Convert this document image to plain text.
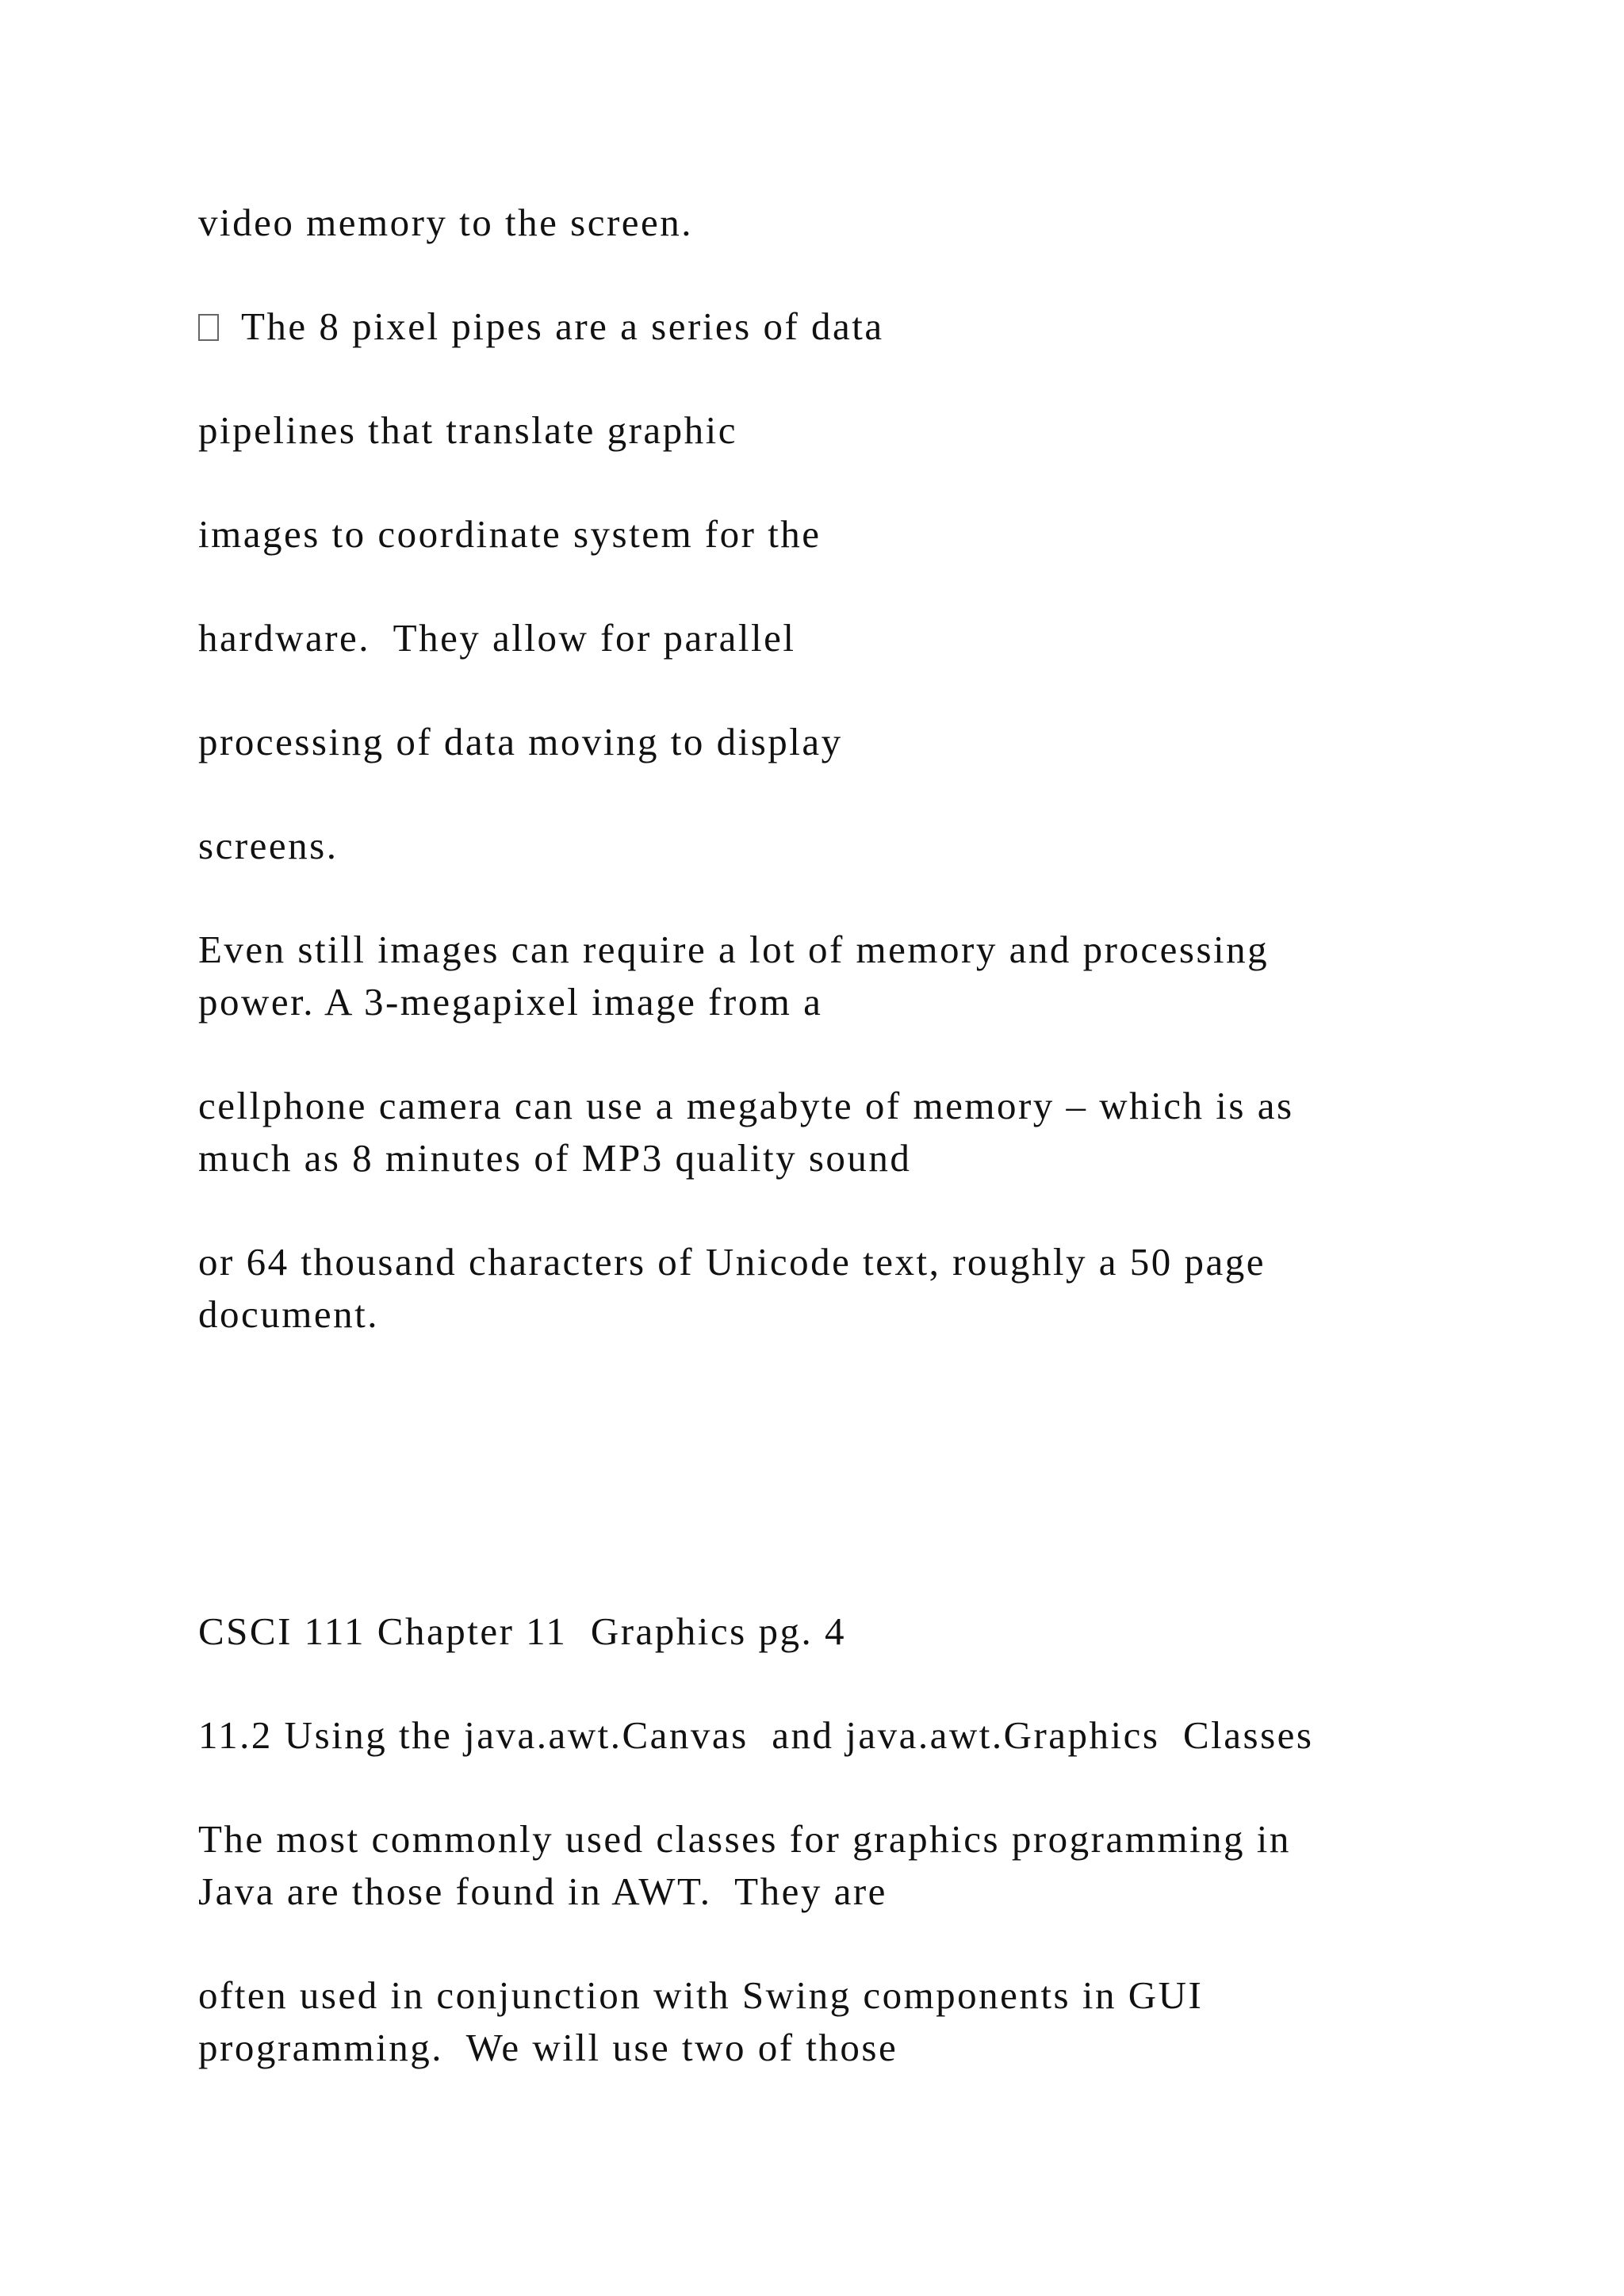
video memory to the screen.

The 8 pixel pipes are a series of data

pipelines that translate graphic

images to coordinate system for the

hardware.  They allow for parallel

processing of data moving to display

screens.

Even still images can require a lot of memory and processing

power. A 3-megapixel image from a

cellphone camera can use a megabyte of memory – which is as

much as 8 minutes of MP3 quality sound

or 64 thousand characters of Unicode text, roughly a 50 page

document.

CSCI 111 Chapter 11  Graphics pg. 4

11.2 Using the java.awt.Canvas  and java.awt.Graphics  Classes

The most commonly used classes for graphics programming in

Java are those found in AWT.  They are

often used in conjunction with Swing components in GUI

programming.  We will use two of those
